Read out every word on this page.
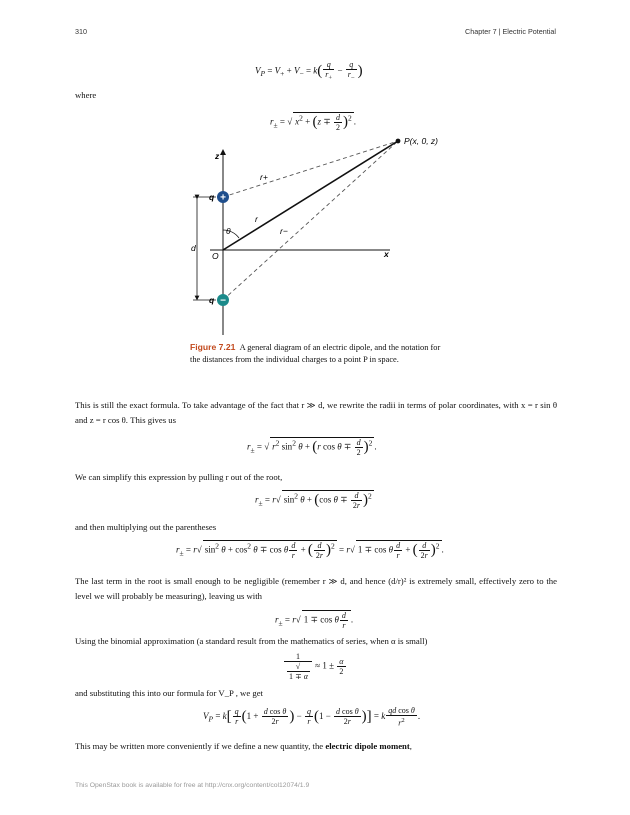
310	Chapter 7 | Electric Potential
$V_P = V_+ + V_- = k( \frac{q}{r_+} - \frac{q}{r_-}$ )
where
$r_\pm$ = √ $x^2 + (z \mp \frac{d}{2} )^2$ .
+
−
P(x, 0, z)
z
x
O
q
q
d
θ
r+
r
r−
Figure 7.21 A general diagram of an electric dipole, and the notation for the distances from the individual charges to a point P in space.
This is still the exact formula. To take advantage of the fact that r ≫ d, we rewrite the radii in terms of polar coordinates, with x = r sin θ and z = r cos θ. This gives us
$r_\pm$ = √ $r^2$ $\sin^2 \theta + (r$ $\cos \theta \mp \frac{d}{2} )^2$ .
We can simplify this expression by pulling r out of the root,
$r_\pm = r√$ $\sin^2 \theta + (\cos$ $\theta \mp \frac{d}{2r} )^2$
and then multiplying out the parentheses
$r_\pm = r√$ $\sin^2 \theta + \cos^2 \theta \mp \cos \theta \frac{d}{r}$ + ( $\frac{d}{2r} )^2 = r√$ 1 ∓ cos θ $\frac{d}{r}$ + ( $\frac{d}{2r} )^2$ .
The last term in the root is small enough to be negligible (remember r ≫ d, and hence (d/r)² is extremely small, effectively zero to the level we will probably be measuring), leaving us with
$r_\pm = r√$ 1 ∓ cos θ $\frac{d}{r}$ .
Using the binomial approximation (a standard result from the mathematics of series, when α is small)
1
√
$1 \mp \alpha \approx 1 \pm \frac{\alpha}{2}$
and substituting this into our formula for V_P , we get
$V_P = k[ \frac{q}{r} (1 + \frac{\text{d cos θ}}{2r}$ ) − $\frac{q}{r} (1 - \frac{\text{d cos θ}}{2r}$ )] = k $\frac{\text{qd cos θ}}{r^2}$ .
This may be written more conveniently if we define a new quantity, the electric dipole moment,
This OpenStax book is available for free at http://cnx.org/content/col12074/1.9
